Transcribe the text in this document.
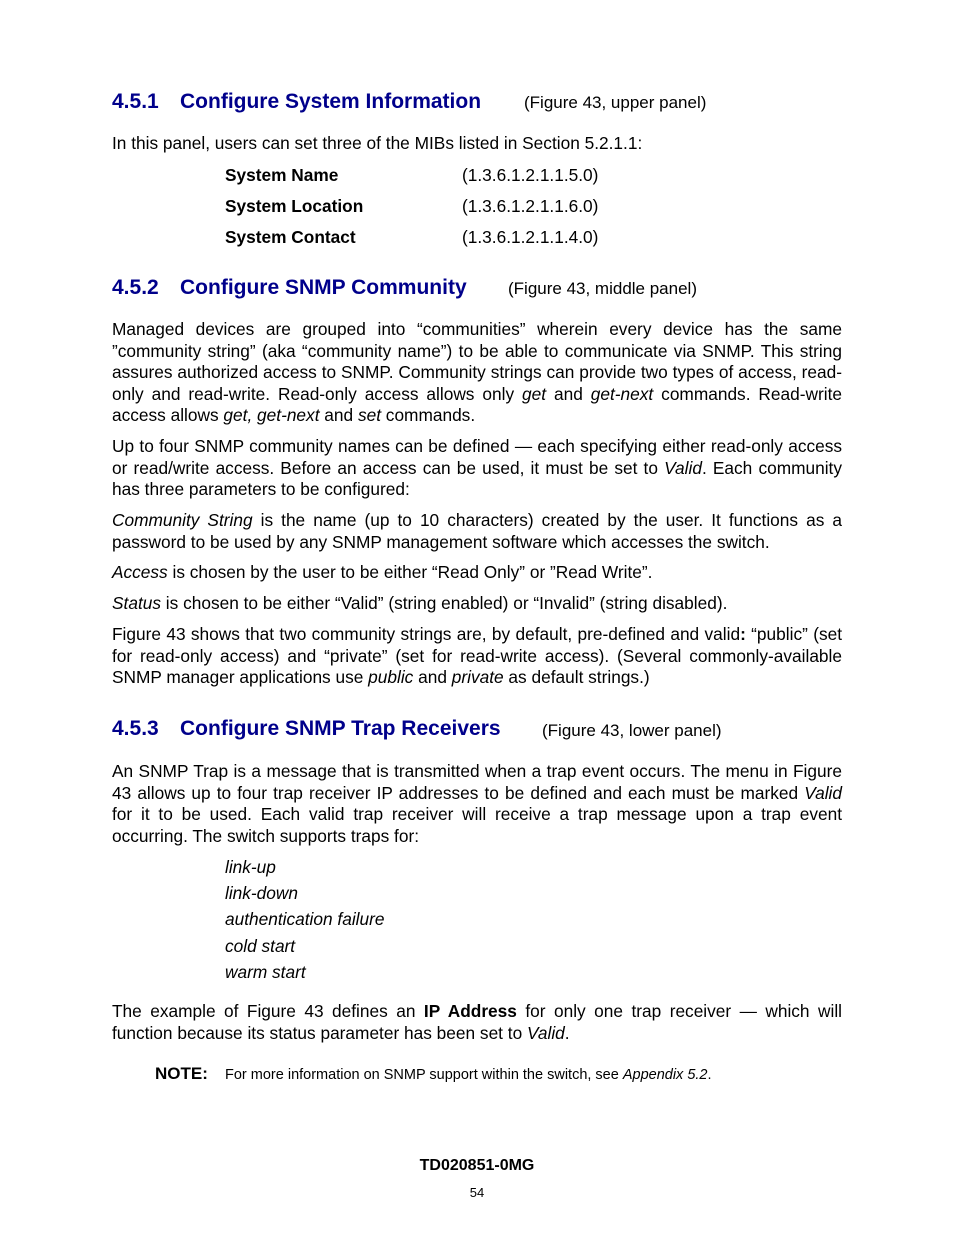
4.5.1 Configure System Information	(Figure 43, upper panel)
In this panel, users can set three of the MIBs listed in Section 5.2.1.1:
System Name	(1.3.6.1.2.1.1.5.0)
System Location	(1.3.6.1.2.1.1.6.0)
System Contact	(1.3.6.1.2.1.1.4.0)
4.5.2 Configure SNMP Community (Figure 43, middle panel)
Managed devices are grouped into “communities” wherein every device has the same ”community string” (aka “community name”) to be able to communicate via SNMP. This string assures authorized access to SNMP. Community strings can provide two types of access, read-only and read-write. Read-only access allows only get and get-next commands. Read-write access allows get, get-next and set commands.
Up to four SNMP community names can be defined — each specifying either read-only access or read/write access. Before an access can be used, it must be set to Valid. Each community has three parameters to be configured:
Community String is the name (up to 10 characters) created by the user. It functions as a password to be used by any SNMP management software which accesses the switch.
Access is chosen by the user to be either “Read Only” or ”Read Write”.
Status is chosen to be either “Valid” (string enabled) or “Invalid” (string disabled).
Figure 43 shows that two community strings are, by default, pre-defined and valid: “public” (set for read-only access) and “private” (set for read-write access). (Several commonly-available SNMP manager applications use public and private as default strings.)
4.5.3 Configure SNMP Trap Receivers (Figure 43, lower panel)
An SNMP Trap is a message that is transmitted when a trap event occurs. The menu in Figure 43 allows up to four trap receiver IP addresses to be defined and each must be marked Valid for it to be used. Each valid trap receiver will receive a trap message upon a trap event occurring. The switch supports traps for:
link-up
link-down
authentication failure
cold start
warm start
The example of Figure 43 defines an IP Address for only one trap receiver — which will function because its status parameter has been set to Valid.
NOTE: For more information on SNMP support within the switch, see Appendix 5.2.
TD020851-0MG
54
